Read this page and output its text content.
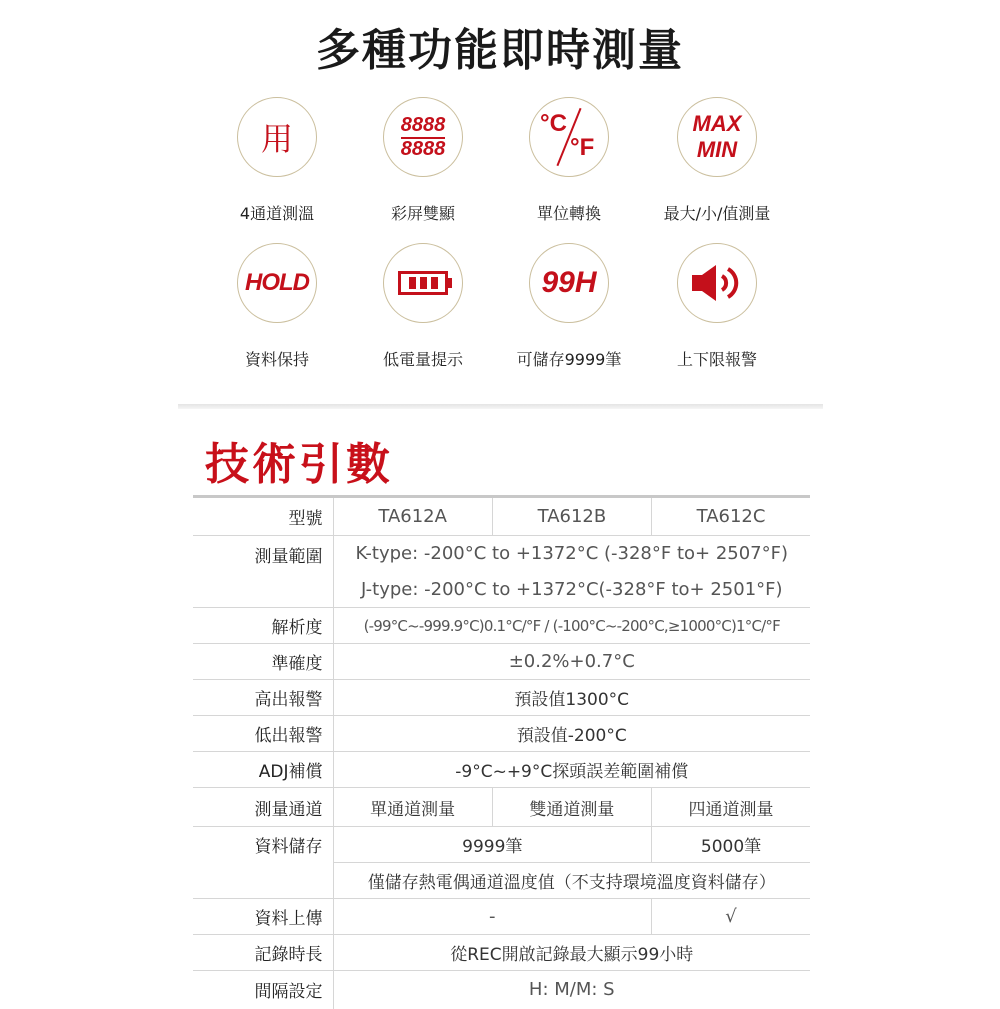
多種功能即時測量
用
4通道測溫
8888
8888
彩屏雙顯
°C
°F
單位轉換
MAX
MIN
最大/小/值測量
HOLD
資料保持	低電量提示
99H
可儲存9999筆	上下限報警
技術引數
型號	TA612A	TA612B	TA612C
測量範圍	K-type: -200°C to +1372°C (-328°F to+ 2507°F)		
	J-type: -200°C to +1372°C(-328°F to+ 2501°F)		
解析度	(-99°C~-999.9°C)0.1°C/°F / (-100°C~-200°C,≥1000°C)1°C/°F		
準確度	±0.2%+0.7°C		
高出報警	預設值1300°C		
低出報警	預設值-200°C		
ADJ補償	-9°C~+9°C探頭誤差範圍補償		
測量通道	單通道測量	雙通道測量	四通道測量
資料儲存	9999筆		5000筆
	僅儲存熱電偶通道溫度值（不支持環境溫度資料儲存）		
資料上傳	-		√
記錄時長	從REC開啟記錄最大顯示99小時		
間隔設定	H: M/M: S		
